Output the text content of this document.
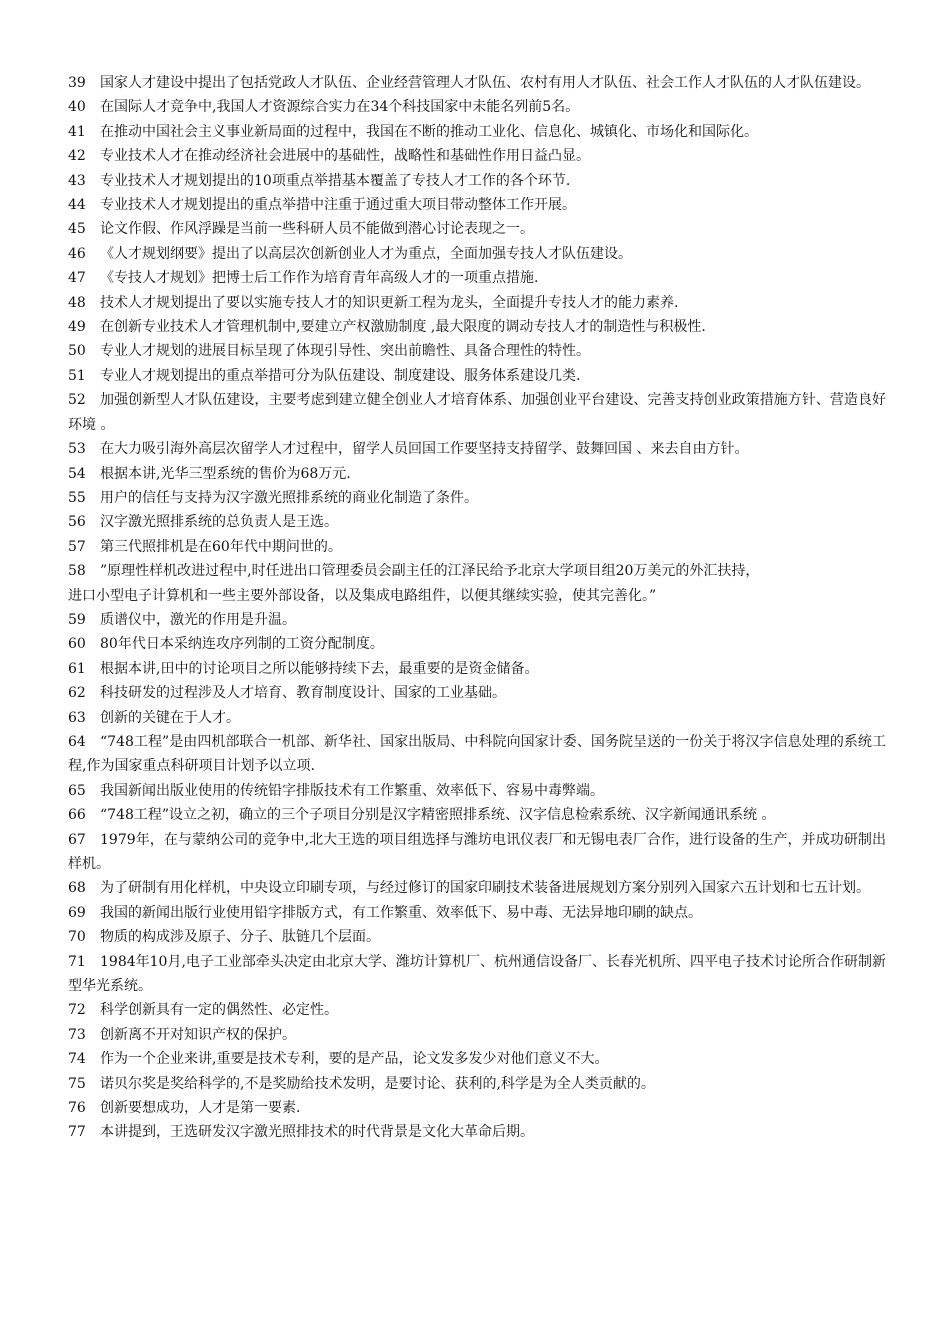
39 国家人才建设中提出了包括党政人才队伍、企业经营管理人才队伍、农村有用人才队伍、社会工作人才队伍的人才队伍建设。

40 在国际人才竞争中,我国人才资源综合实力在34个科技国家中未能名列前5名。

41 在推动中国社会主义事业新局面的过程中，我国在不断的推动工业化、信息化、城镇化、市场化和国际化。

42 专业技术人才在推动经济社会进展中的基础性，战略性和基础性作用日益凸显。

43 专业技术人才规划提出的10项重点举措基本覆盖了专技人才工作的各个环节.

44 专业技术人才规划提出的重点举措中注重于通过重大项目带动整体工作开展。

45 论文作假、作风浮躁是当前一些科研人员不能做到潜心讨论表现之一。

46 《人才规划纲要》提出了以高层次创新创业人才为重点，全面加强专技人才队伍建设。

47 《专技人才规划》把博士后工作作为培育青年高级人才的一项重点措施.

48 技术人才规划提出了要以实施专技人才的知识更新工程为龙头，全面提升专技人才的能力素养.

49 在创新专业技术人才管理机制中,要建立产权激励制度 ,最大限度的调动专技人才的制造性与积极性.

50 专业人才规划的进展目标呈现了体现引导性、突出前瞻性、具备合理性的特性。

51 专业人才规划提出的重点举措可分为队伍建设、制度建设、服务体系建设几类.

52 加强创新型人才队伍建设，主要考虑到建立健全创业人才培育体系、加强创业平台建设、完善支持创业政策措施方针、营造良好环境 。

53 在大力吸引海外高层次留学人才过程中，留学人员回国工作要坚持支持留学、鼓舞回国 、来去自由方针。

54 根据本讲,光华三型系统的售价为68万元.

55 用户的信任与支持为汉字激光照排系统的商业化制造了条件。

56 汉字激光照排系统的总负责人是王选。

57 第三代照排机是在60年代中期问世的。

58 ”原理性样机改进过程中,时任进出口管理委员会副主任的江泽民给予北京大学项目组20万美元的外汇扶持，

进口小型电子计算机和一些主要外部设备，以及集成电路组件，以便其继续实验，使其完善化。”

59 质谱仪中，激光的作用是升温。

60 80年代日本采纳连攻序列制的工资分配制度。

61 根据本讲,田中的讨论项目之所以能够持续下去，最重要的是资金储备。

62 科技研发的过程涉及人才培育、教育制度设计、国家的工业基础。

63 创新的关键在于人才。

64 “748工程”是由四机部联合一机部、新华社、国家出版局、中科院向国家计委、国务院呈送的一份关于将汉字信息处理的系统工程,作为国家重点科研项目计划予以立项.

65 我国新闻出版业使用的传统铅字排版技术有工作繁重、效率低下、容易中毒弊端。

66 “748工程”设立之初，确立的三个子项目分别是汉字精密照排系统、汉字信息检索系统、汉字新闻通讯系统 。

67 1979年，在与蒙纳公司的竞争中,北大王选的项目组选择与潍坊电讯仪表厂和无锡电表厂合作，进行设备的生产，并成功研制出样机。

68 为了研制有用化样机，中央设立印刷专项，与经过修订的国家印刷技术装备进展规划方案分别列入国家六五计划和七五计划。

69 我国的新闻出版行业使用铅字排版方式，有工作繁重、效率低下、易中毒、无法异地印刷的缺点。

70 物质的构成涉及原子、分子、肽链几个层面。

71 1984年10月,电子工业部牵头决定由北京大学、潍坊计算机厂、杭州通信设备厂、长春光机所、四平电子技术讨论所合作研制新型华光系统。

72 科学创新具有一定的偶然性、必定性。

73 创新离不开对知识产权的保护。

74 作为一个企业来讲,重要是技术专利，要的是产品，论文发多发少对他们意义不大。

75 诺贝尔奖是奖给科学的,不是奖励给技术发明，是要讨论、获利的,科学是为全人类贡献的。

76 创新要想成功，人才是第一要素.

77 本讲提到，王选研发汉字激光照排技术的时代背景是文化大革命后期。
